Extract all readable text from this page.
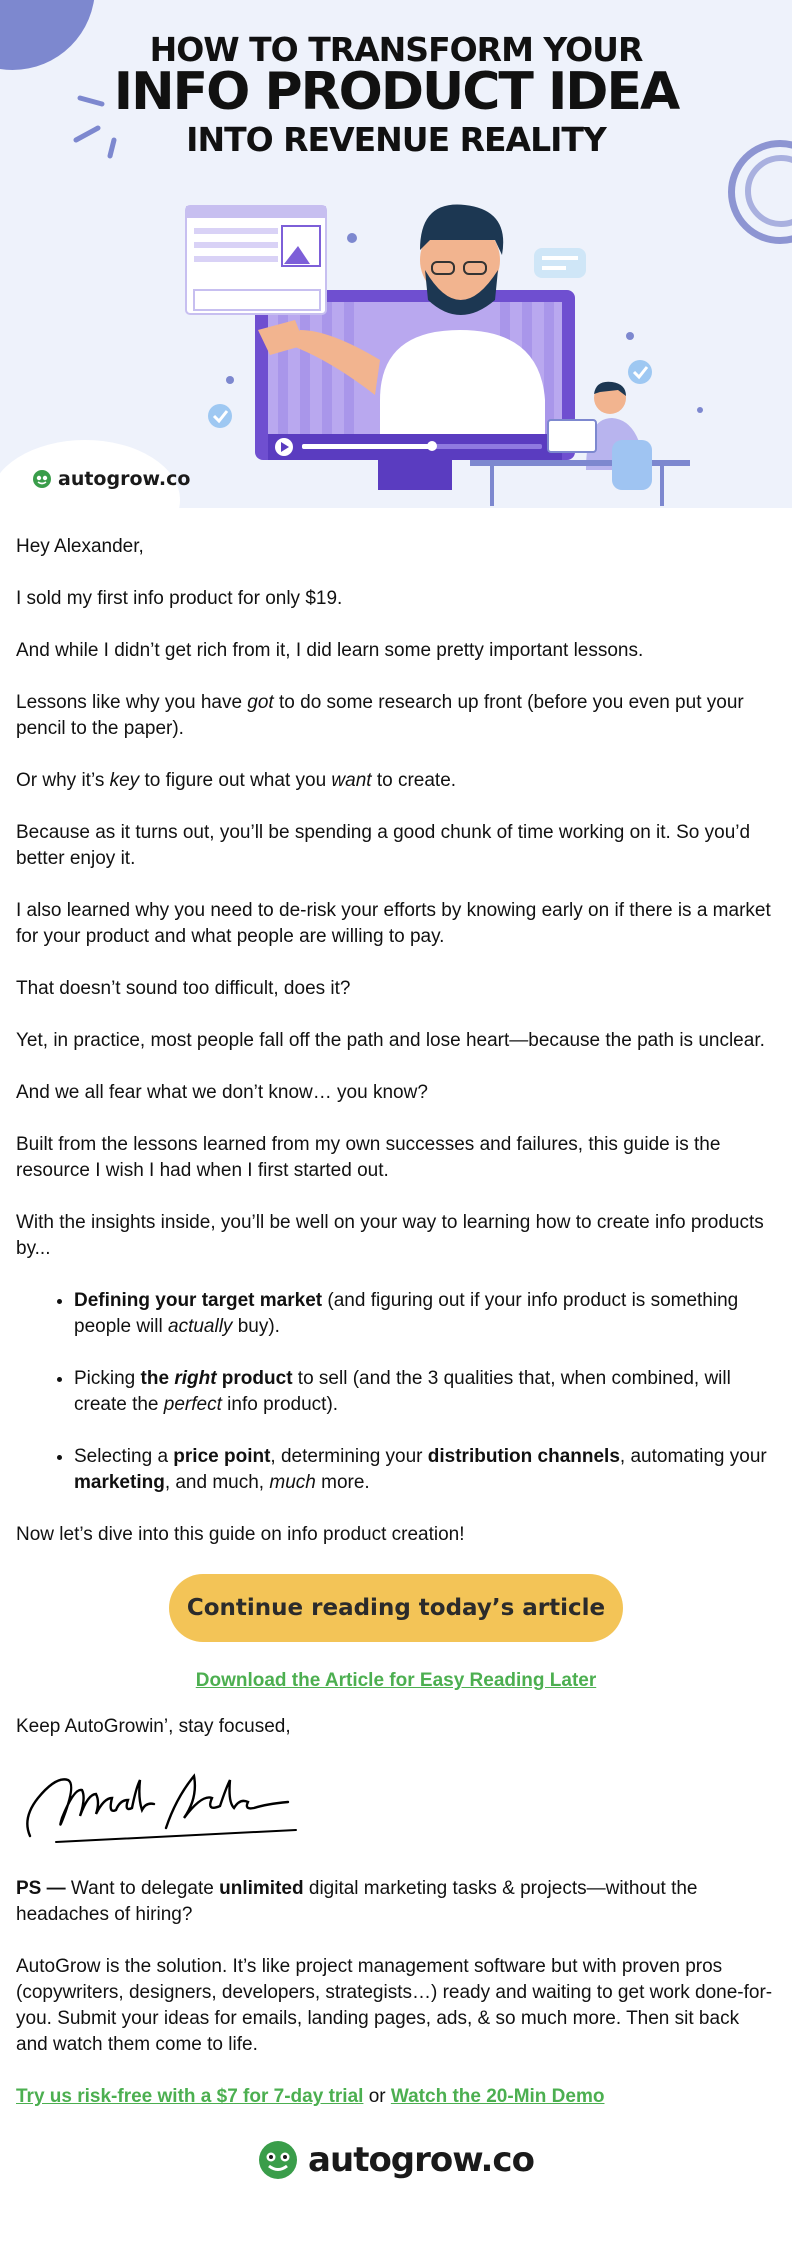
HOW TO TRANSFORM YOUR
INFO PRODUCT IDEA
INTO REVENUE REALITY
autogrow.co

Hey Alexander,

I sold my first info product for only $19.

And while I didn’t get rich from it, I did learn some pretty important lessons.

Lessons like why you have got to do some research up front (before you even put your pencil to the paper).

Or why it’s key to figure out what you want to create.

Because as it turns out, you’ll be spending a good chunk of time working on it. So you’d better enjoy it.

I also learned why you need to de-risk your efforts by knowing early on if there is a market for your product and what people are willing to pay.

That doesn’t sound too difficult, does it?

Yet, in practice, most people fall off the path and lose heart—because the path is unclear.

And we all fear what we don’t know… you know?

Built from the lessons learned from my own successes and failures, this guide is the resource I wish I had when I first started out.

With the insights inside, you’ll be well on your way to learning how to create info products by...

• Defining your target market (and figuring out if your info product is something people will actually buy).
• Picking the right product to sell (and the 3 qualities that, when combined, will create the perfect info product).
• Selecting a price point, determining your distribution channels, automating your marketing, and much, much more.

Now let’s dive into this guide on info product creation!

Continue reading today’s article
Download the Article for Easy Reading Later

Keep AutoGrowin’, stay focused,

PS — Want to delegate unlimited digital marketing tasks & projects—without the headaches of hiring?

AutoGrow is the solution. It’s like project management software but with proven pros (copywriters, designers, developers, strategists…) ready and waiting to get work done-for-you. Submit your ideas for emails, landing pages, ads, & so much more. Then sit back and watch them come to life.

Try us risk-free with a $7 for 7-day trial or Watch the 20-Min Demo

autogrow.co
